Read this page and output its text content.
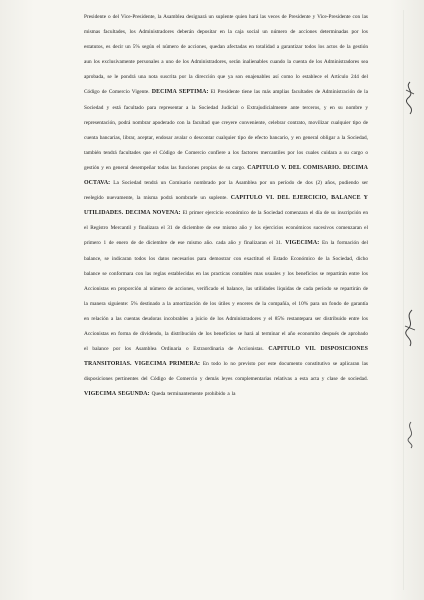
Presidente o del Vice-Presidente, la Asamblea designará un suplente quien hará las veces de Presidente y Vice-Presidente con las mismas facultades, los Administradores deberán depositar en la caja social un número de acciones determinadas por los estatutos, es decir un 5% según el número de acciones, quedan afectadas en totalidad a garantizar todos los actos de la gestión aun los exclusivamente personales a uno de los Administradores, serán inalienables cuando la cuenta de los Administradores sea aprobada, se le pondrá una nota suscrita por la dirección que ya son enajenables así como lo establece el Artículo 244 del Código de Comercio Vigente. DECIMA SEPTIMA: El Presidente tiene las más amplias facultades de Administración de la Sociedad y está facultado para representar a la Sociedad Judicial o Extrajudicialmente ante terceros, y en su nombre y representación, podrá nombrar apoderado con la facultad que creyere conveniente, celebrar contrato, movilizar cualquier tipo de cuenta bancarias, librar, aceptar, endosar avalar o descontar cualquier tipo de efecto bancario, y en general obligar a la Sociedad, también tendrá facultades que el Código de Comercio confiere a los factores mercantiles por los cuales cuidara a su cargo o gestión y en general desempeñar todas las funciones propias de su cargo. CAPITULO V. DEL COMISARIO. DECIMA OCTAVA: La Sociedad tendrá un Comisario nombrado por la Asamblea por un período de dos (2) años, pudiendo ser reelegido nuevamente, la misma podrá nombrarle un suplente. CAPITULO VI. DEL EJERCICIO, BALANCE Y UTILIDADES. DECIMA NOVENA: El primer ejercicio económico de la Sociedad comenzara el día de su inscripción en el Registro Mercantil y finalizara el 31 de diciembre de ese mismo año y los ejercicios económicos sucesivos comenzaran el primero 1 de enero de de diciembre de ese mismo año. cada año y finalizaran el 31. VIGECIMA: En la formación del balance, se indicaran todos los datos necesarios para demostrar con exactitud el Estado Económico de la Sociedad, dicho balance se conformara con las reglas establecidas en las practicas contables mas usuales y los beneficios se repartirán entre los Accionistas en proporción al número de acciones, verificado el balance, las utilidades liquidas de cada período se repartirán de la manera siguiente: 5% destinado a la amortización de los útiles y enceres de la compañía, el 10% para un fondo de garantía en relación a las cuentas deudoras incobrables a juicio de los Administradores y el 85% restantepara ser distribuido entre los Accionistas en forma de dividendo, la distribución de los beneficios se hará al terminar el año economito después de aprobado el balance por los Asamblea Ordinaria o Extraordinaria de Accionistas. CAPITULO VII. DISPOSICIONES TRANSITORIAS. VIGECIMA PRIMERA: En todo lo no previsto por este documento constitutivo se aplicaran las disposiciones pertinentes del Código de Comercio y demás leyes complementarias relativas a esta acta y clase de sociedad. VIGECIMA SEGUNDA: Queda terminantemente prohibido a la
